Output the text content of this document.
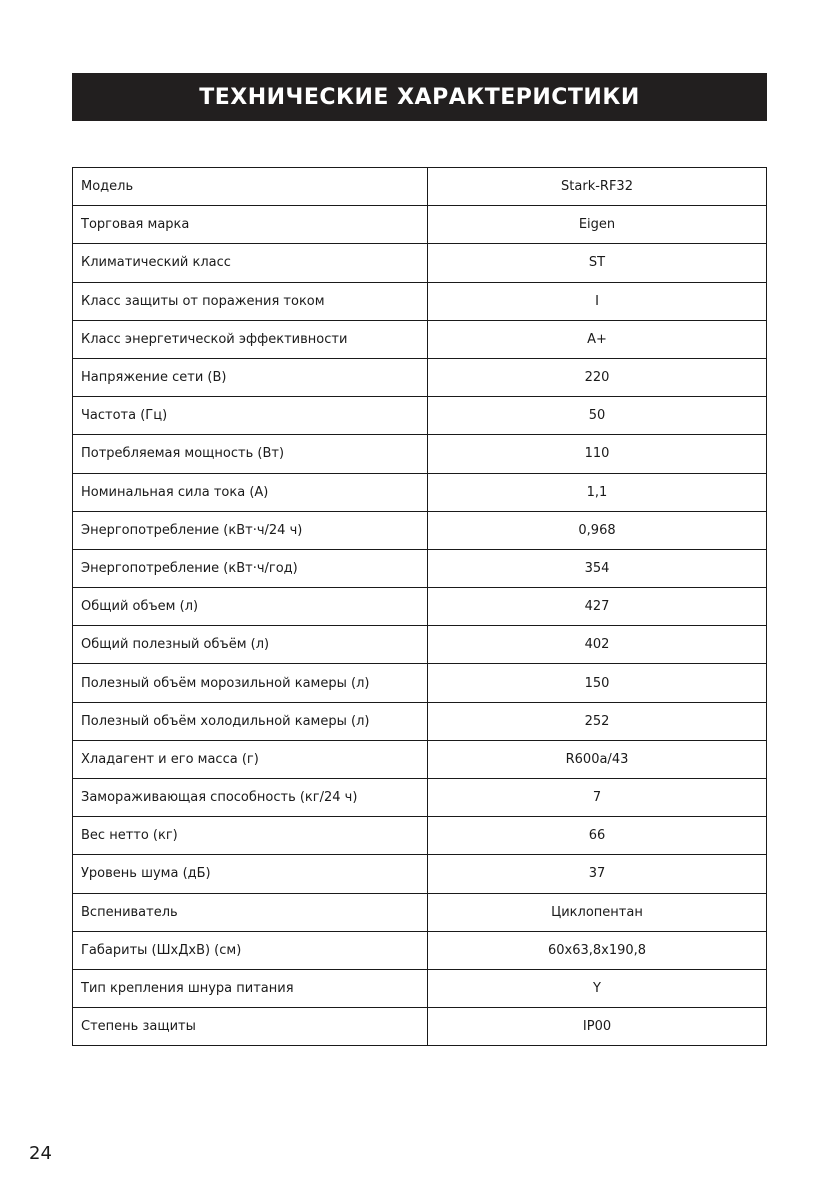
ТЕХНИЧЕСКИЕ ХАРАКТЕРИСТИКИ
Модель	Stark-RF32
Торговая марка	Eigen
Климатический класс	ST
Класс защиты от поражения током	I
Класс энергетической эффективности	A+
Напряжение сети (В)	220
Частота (Гц)	50
Потребляемая мощность (Вт)	110
Номинальная сила тока (А)	1,1
Энергопотребление (кВт·ч/24 ч)	0,968
Энергопотребление (кВт·ч/год)	354
Общий объем (л)	427
Общий полезный объём (л)	402
Полезный объём морозильной камеры (л)	150
Полезный объём холодильной камеры (л)	252
Хладагент и его масса (г)	R600a/43
Замораживающая способность (кг/24 ч)	7
Вес нетто (кг)	66
Уровень шума (дБ)	37
Вспениватель	Циклопентан
Габариты (ШхДхВ) (см)	60x63,8x190,8
Тип крепления шнура питания	Y
Степень защиты	IP00
24
